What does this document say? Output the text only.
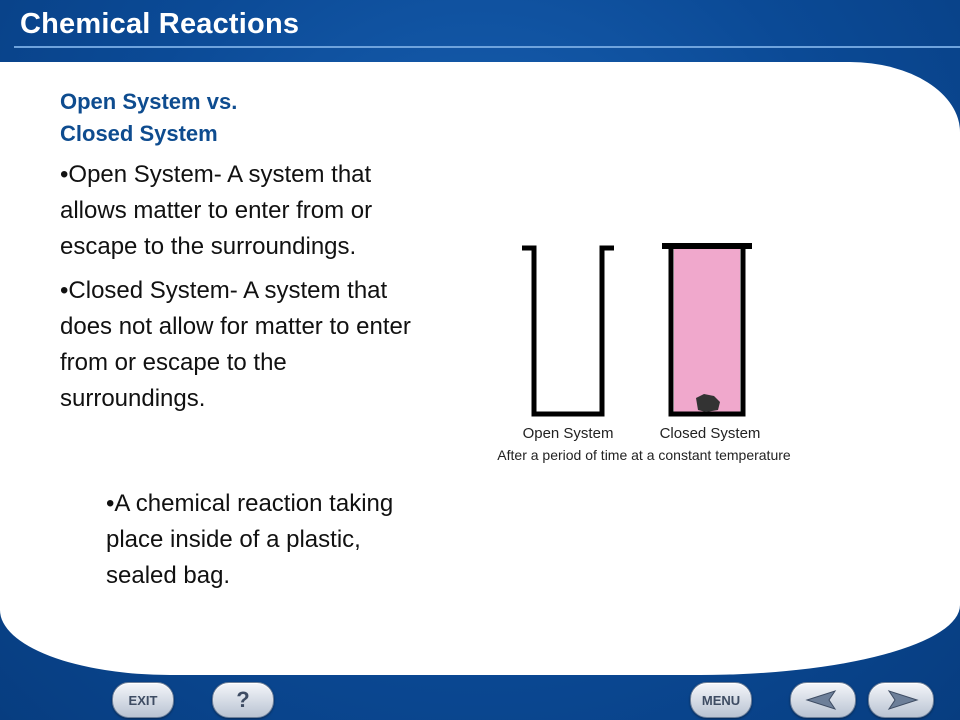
Chemical Reactions
Open System vs.
Closed System

•Open System- A system that allows matter to enter from or escape to the surroundings.

•Closed System- A system that does not allow for matter to enter from or escape to the surroundings.

•A chemical reaction taking place inside of a plastic, sealed bag.
Open System	Closed System
After a period of time at a constant temperature
EXIT	?	MENU
